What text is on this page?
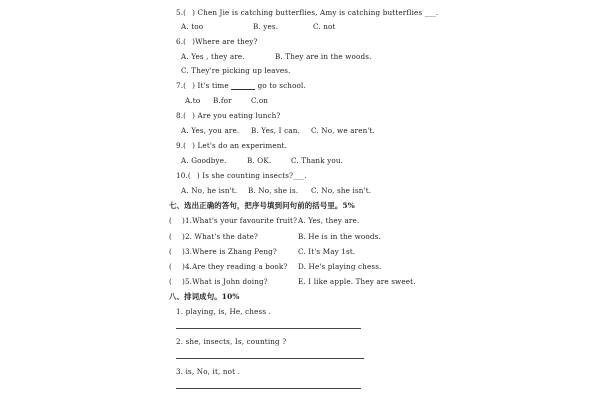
5.( ) Chen Jie is catching butterflies, Amy is catching butterflies ___.
A. too	B. yes.	C. not
6.( )Where are they?
A. Yes , they are.	B. They are in the woods.
C. They're picking up leaves.
7.( ) It's time	go to school.
A.to B.for	C.on
8.( ) Are you eating lunch?
A. Yes, you are. B. Yes, I can. C. No, we aren't.
9.( ) Let's do an experiment.
A. Goodbye.	B. OK.	C. Thank you.
10.( ) Is she counting insects?___.
A. No, he isn't. B. No, she is. C. No, she isn't.
七、选出正确的答句，把序号填到问句前的括号里。5%
( )1.What's your favourite fruit? A. Yes, they are.
( )2. What's the date?	B. He is in the woods.
( )3.Where is Zhang Peng?	C. It's May 1st.
( )4.Are they reading a book? D. He's playing chess.
( )5.What is John doing?	E. I like apple. They are sweet.
八、排词成句。10%
1. playing, is, He, chess .
2. she, insects, Is, counting ?
3. is, No, it, not .
